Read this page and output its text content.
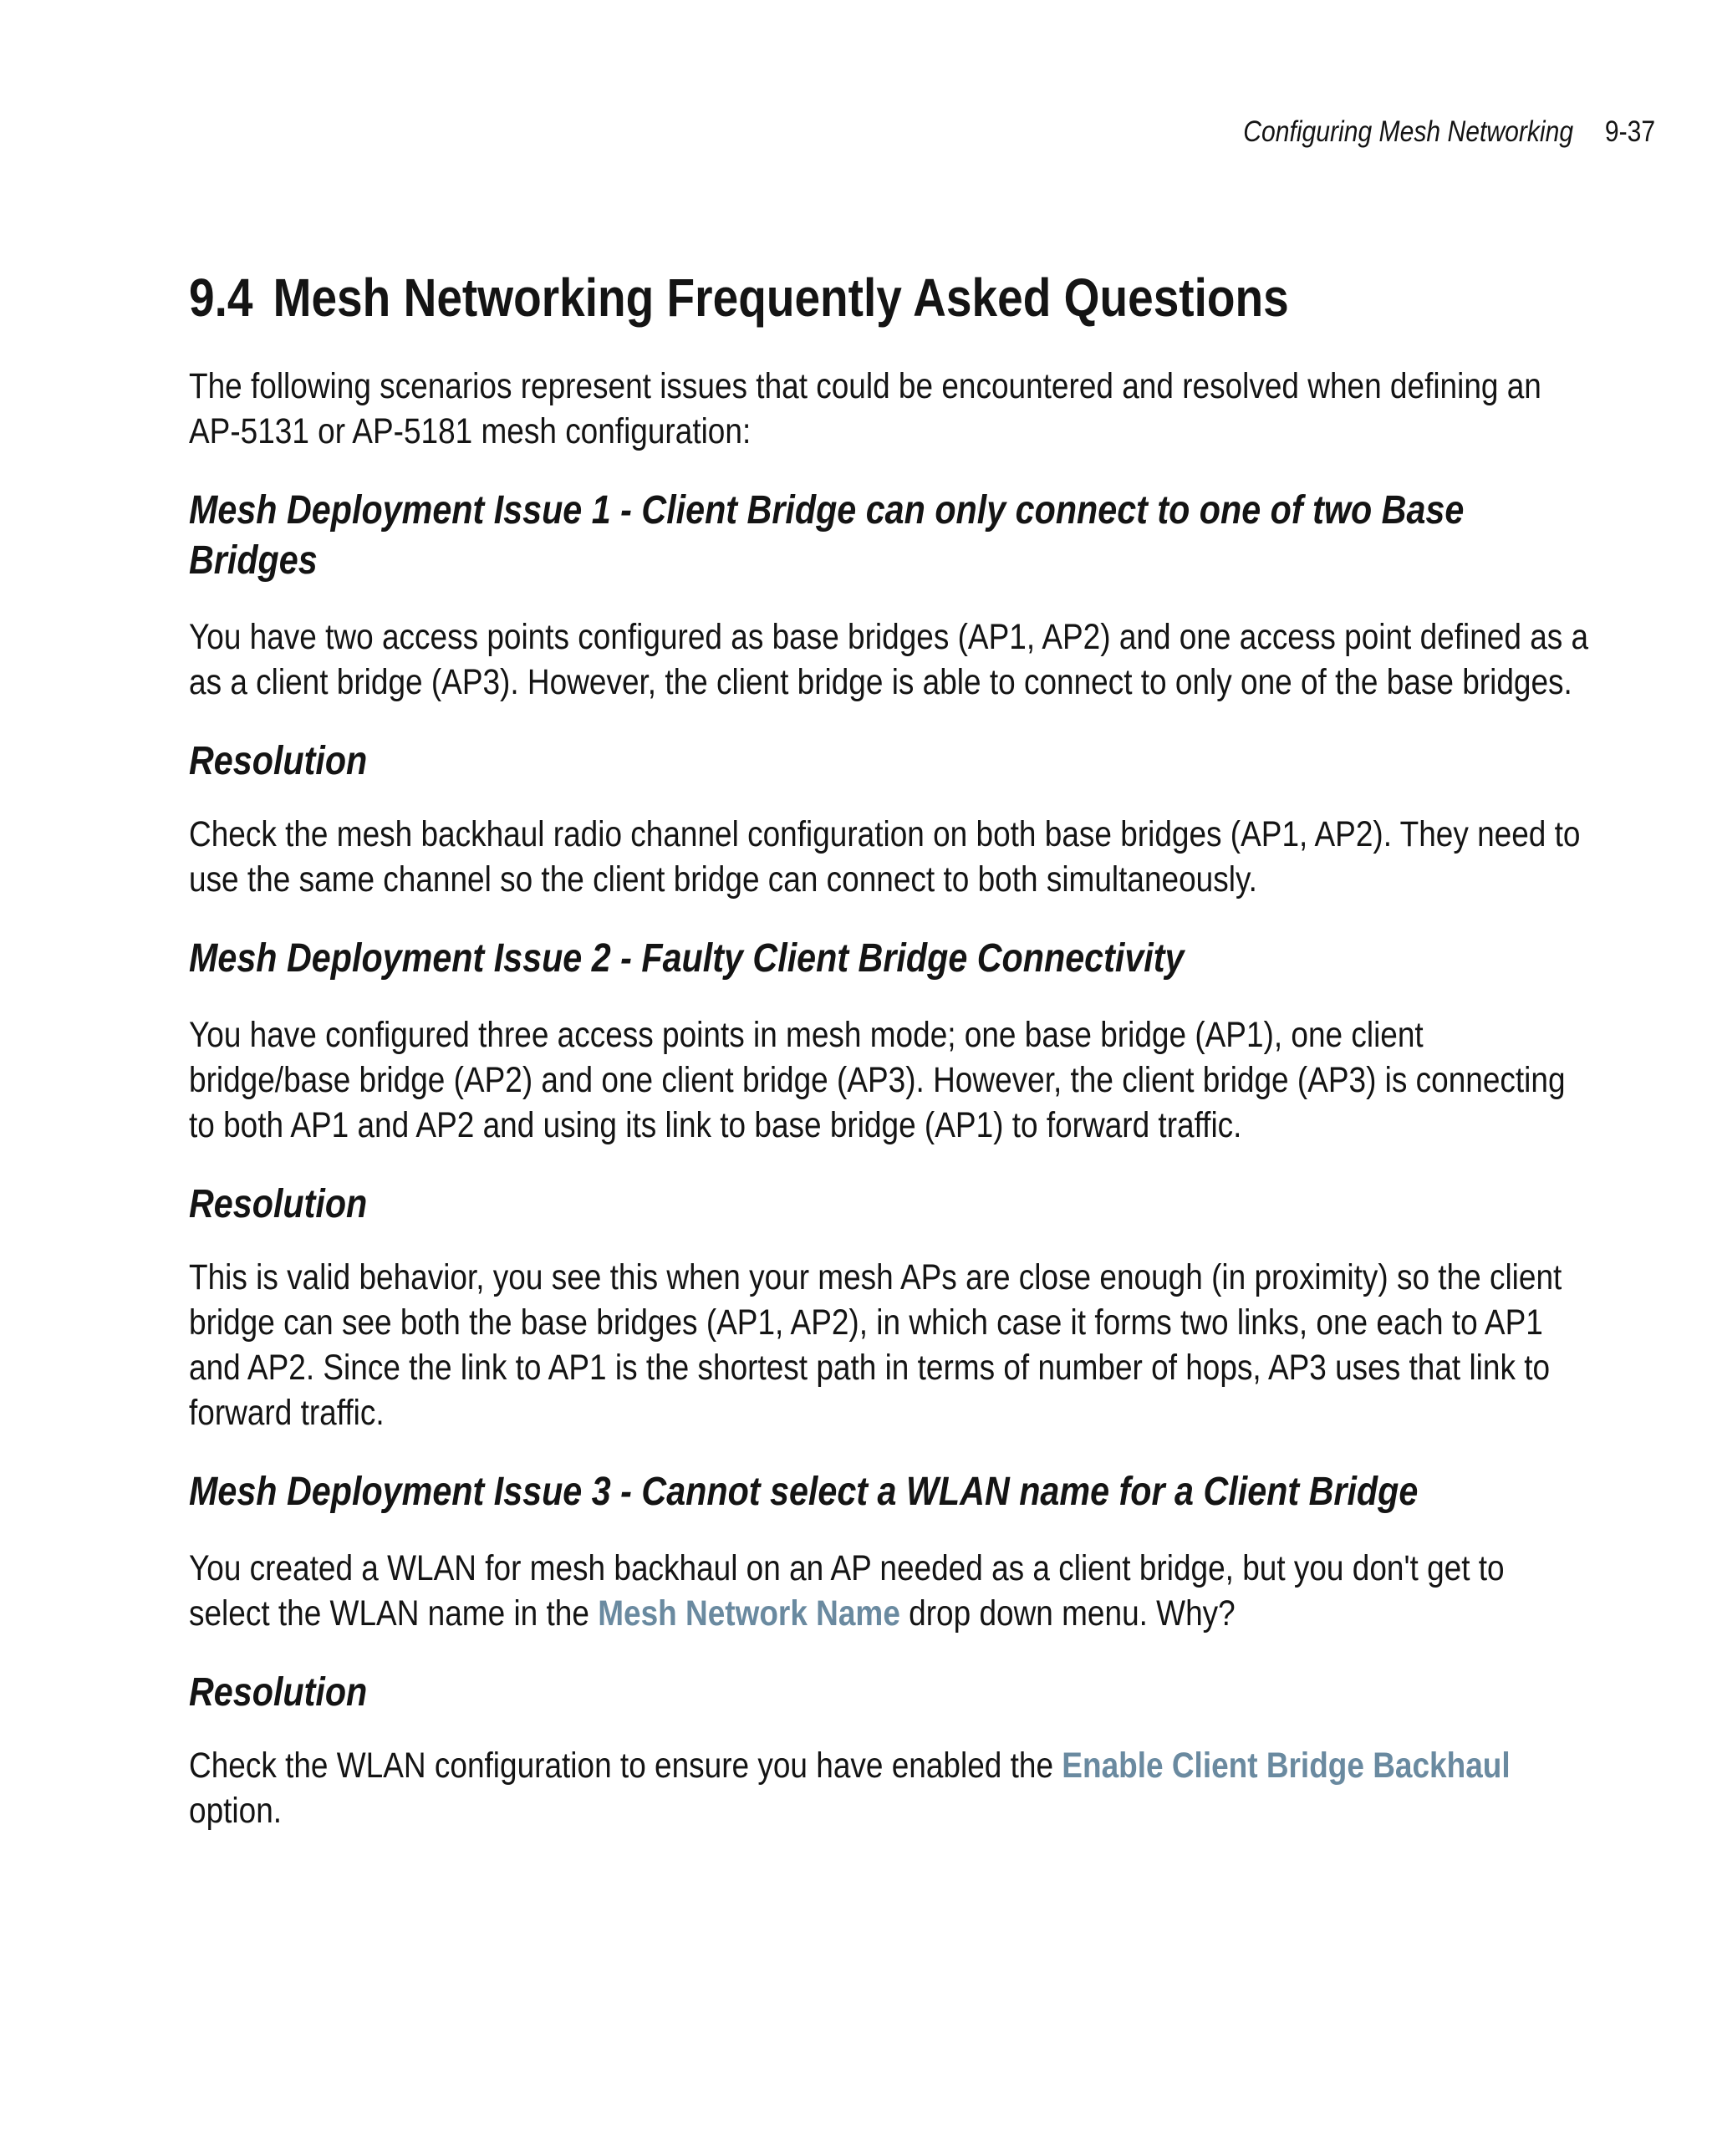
Configuring Mesh Networking 9-37
9.4 Mesh Networking Frequently Asked Questions

The following scenarios represent issues that could be encountered and resolved when defining an AP-5131 or AP-5181 mesh configuration:

Mesh Deployment Issue 1 - Client Bridge can only connect to one of two Base Bridges

You have two access points configured as base bridges (AP1, AP2) and one access point defined as a as a client bridge (AP3). However, the client bridge is able to connect to only one of the base bridges.

Resolution

Check the mesh backhaul radio channel configuration on both base bridges (AP1, AP2). They need to use the same channel so the client bridge can connect to both simultaneously.

Mesh Deployment Issue 2 - Faulty Client Bridge Connectivity

You have configured three access points in mesh mode; one base bridge (AP1), one client bridge/base bridge (AP2) and one client bridge (AP3). However, the client bridge (AP3) is connecting to both AP1 and AP2 and using its link to base bridge (AP1) to forward traffic.

Resolution

This is valid behavior, you see this when your mesh APs are close enough (in proximity) so the client bridge can see both the base bridges (AP1, AP2), in which case it forms two links, one each to AP1 and AP2. Since the link to AP1 is the shortest path in terms of number of hops, AP3 uses that link to forward traffic.

Mesh Deployment Issue 3 - Cannot select a WLAN name for a Client Bridge

You created a WLAN for mesh backhaul on an AP needed as a client bridge, but you don't get to select the WLAN name in the Mesh Network Name drop down menu. Why?

Resolution

Check the WLAN configuration to ensure you have enabled the Enable Client Bridge Backhaul option.
